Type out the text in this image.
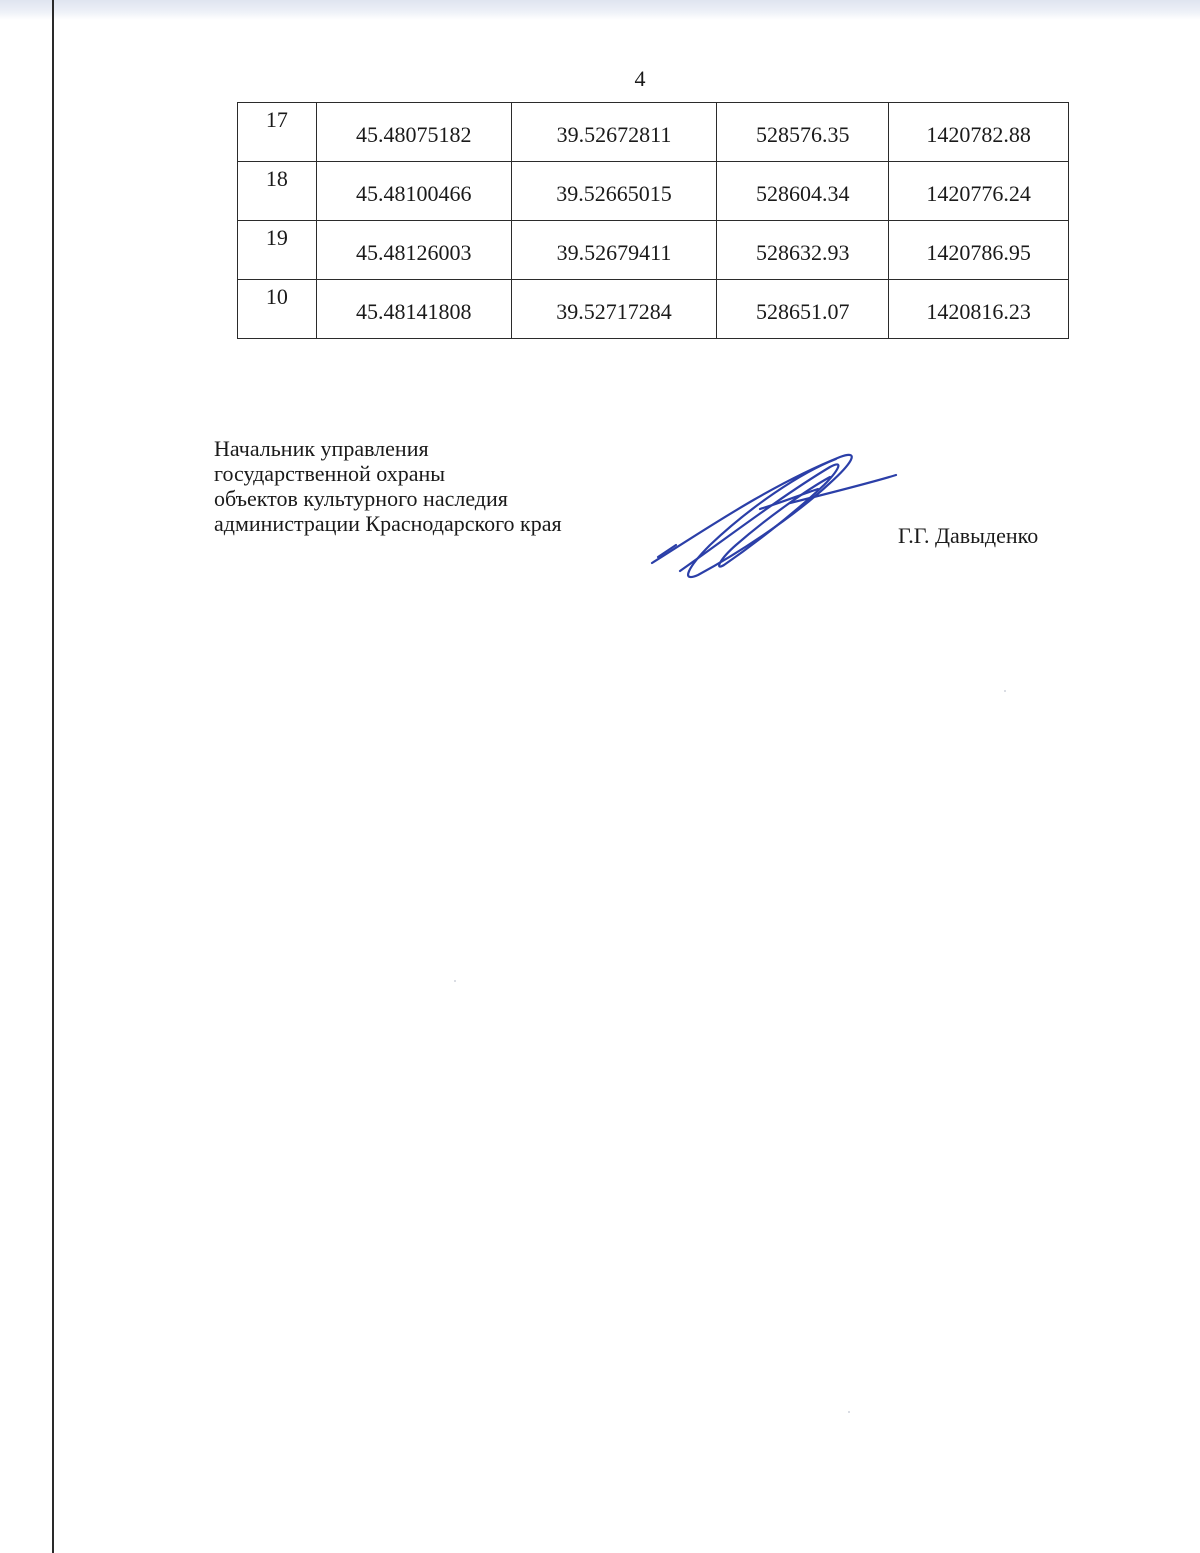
4
17	45.48075182	39.52672811	528576.35	1420782.88
18	45.48100466	39.52665015	528604.34	1420776.24
19	45.48126003	39.52679411	528632.93	1420786.95
10	45.48141808	39.52717284	528651.07	1420816.23
Начальник управления
государственной охраны
объектов культурного наследия
администрации Краснодарского края	Г.Г. Давыденко
